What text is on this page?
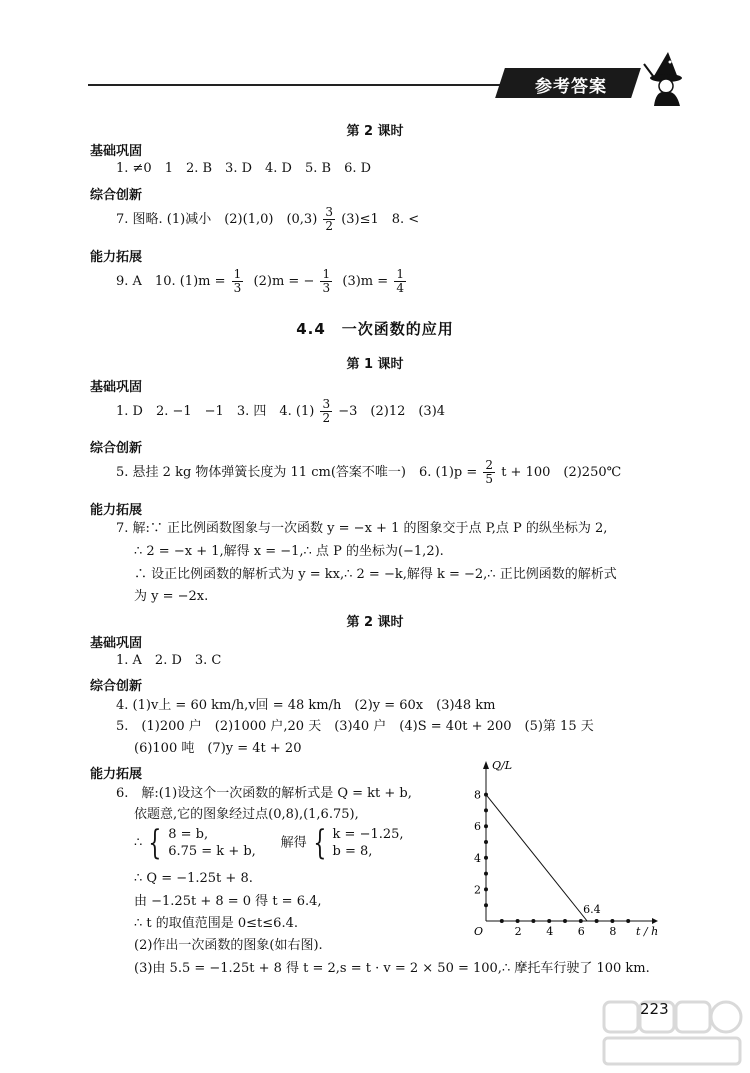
参考答案
第 2 课时
基础巩固
1. ≠0　1　2. B　3. D　4. D　5. B　6. D
综合创新
7. 图略. (1)减小　(2)(1,0)　$(0,3) \frac{3}{2} (3)\le 1$　8. <
能力拓展
9. A　10. $(1)m = \frac{1}{3} (2)m$ = − $\frac{1}{3} (3)m = \frac{1}{4}$
4.4　一次函数的应用
第 1 课时
基础巩固
1. D　2. −1　−1　3. 四　4. $(1) \frac{3}{2} -3$　(2)12　(3)4
综合创新
5. 悬挂 2 kg 物体弹簧长度为 11 cm(答案不唯一)　6. $(1)p = \frac{2}{5}$ t + 100　(2)250℃
能力拓展
7. 解:∵ 正比例函数图象与一次函数 y = −x + 1 的图象交于点 P,点 P 的纵坐标为 2,
∴ 2 = −x + 1,解得 x = −1,∴ 点 P 的坐标为(−1,2).
∴ 设正比例函数的解析式为 y = kx,∴ 2 = −k,解得 k = −2,∴ 正比例函数的解析式
为 y = −2x.
第 2 课时
基础巩固
1. A　2. D　3. C
综合创新
4. (1)v上 = 60 km/h,v回 = 48 km/h　(2)y = 60x　(3)48 km
5.　(1)200 户　(2)1000 户,20 天　(3)40 户　(4)S = 40t + 200　(5)第 15 天
(6)100 吨　(7)y = 4t + 20
能力拓展
6.　解:(1)设这个一次函数的解析式是 Q = kt + b,
依题意,它的图象经过点(0,8),(1,6.75),
∴ { 8 = b,
6.75 = k + b,
解得 { k = −1.25,
b = 8,
∴ Q = −1.25t + 8.
由 −1.25t + 8 = 0 得 t = 6.4,
∴ t 的取值范围是 0≤t≤6.4.
(2)作出一次函数的图象(如右图).
(3)由 5.5 = −1.25t + 8 得 t = 2,s = t · v = 2 × 50 = 100,∴ 摩托车行驶了 100 km.
Q/L
t / h
O
2
4
6
8
2 4 6 8
6.4
223
